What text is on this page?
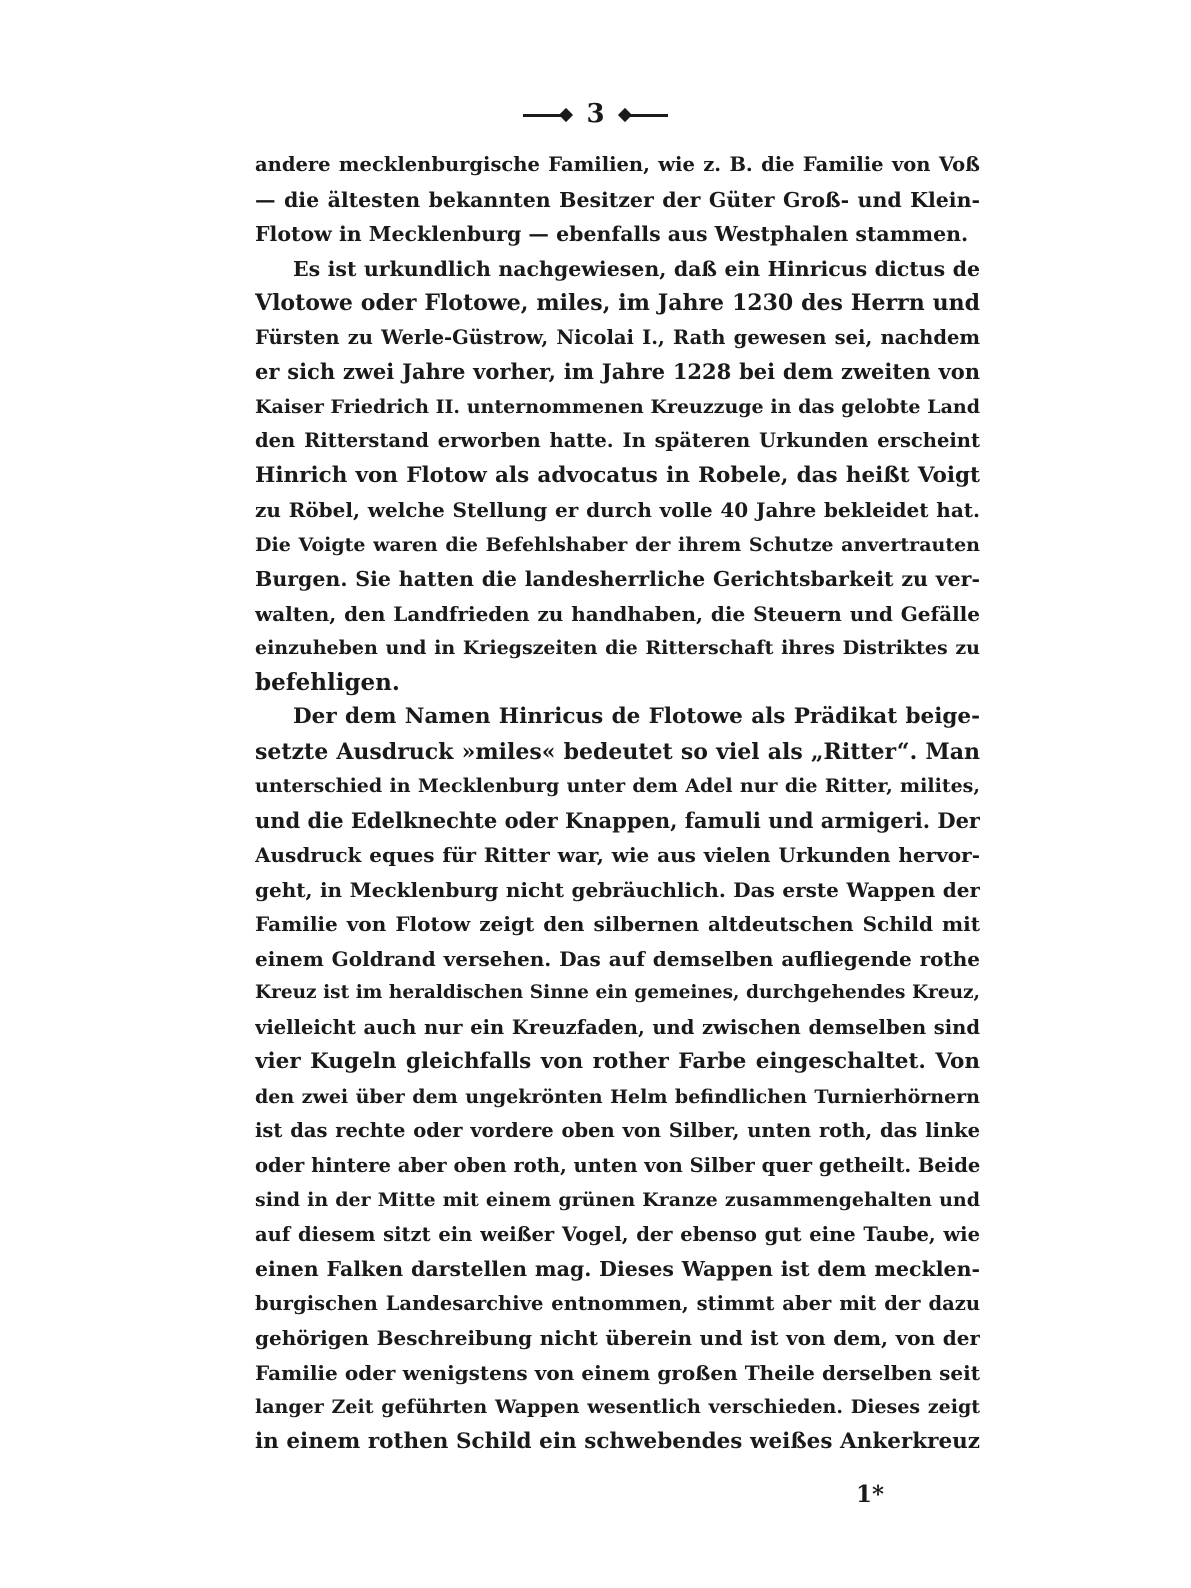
3
andere mecklenburgische Familien, wie z. B. die Familie von Voß
— die ältesten bekannten Besitzer der Güter Groß- und Klein-
Flotow in Mecklenburg — ebenfalls aus Westphalen stammen.
Es ist urkundlich nachgewiesen, daß ein Hinricus dictus de
Vlotowe oder Flotowe, miles, im Jahre 1230 des Herrn und
Fürsten zu Werle-Güstrow, Nicolai I., Rath gewesen sei, nachdem
er sich zwei Jahre vorher, im Jahre 1228 bei dem zweiten von
Kaiser Friedrich II. unternommenen Kreuzzuge in das gelobte Land
den Ritterstand erworben hatte. In späteren Urkunden erscheint
Hinrich von Flotow als advocatus in Robele, das heißt Voigt
zu Röbel, welche Stellung er durch volle 40 Jahre bekleidet hat.
Die Voigte waren die Befehlshaber der ihrem Schutze anvertrauten
Burgen. Sie hatten die landesherrliche Gerichtsbarkeit zu ver-
walten, den Landfrieden zu handhaben, die Steuern und Gefälle
einzuheben und in Kriegszeiten die Ritterschaft ihres Distriktes zu
befehligen.
Der dem Namen Hinricus de Flotowe als Prädikat beige-
setzte Ausdruck »miles« bedeutet so viel als „Ritter“. Man
unterschied in Mecklenburg unter dem Adel nur die Ritter, milites,
und die Edelknechte oder Knappen, famuli und armigeri. Der
Ausdruck eques für Ritter war, wie aus vielen Urkunden hervor-
geht, in Mecklenburg nicht gebräuchlich. Das erste Wappen der
Familie von Flotow zeigt den silbernen altdeutschen Schild mit
einem Goldrand versehen. Das auf demselben aufliegende rothe
Kreuz ist im heraldischen Sinne ein gemeines, durchgehendes Kreuz,
vielleicht auch nur ein Kreuzfaden, und zwischen demselben sind
vier Kugeln gleichfalls von rother Farbe eingeschaltet. Von
den zwei über dem ungekrönten Helm befindlichen Turnierhörnern
ist das rechte oder vordere oben von Silber, unten roth, das linke
oder hintere aber oben roth, unten von Silber quer getheilt. Beide
sind in der Mitte mit einem grünen Kranze zusammengehalten und
auf diesem sitzt ein weißer Vogel, der ebenso gut eine Taube, wie
einen Falken darstellen mag. Dieses Wappen ist dem mecklen-
burgischen Landesarchive entnommen, stimmt aber mit der dazu
gehörigen Beschreibung nicht überein und ist von dem, von der
Familie oder wenigstens von einem großen Theile derselben seit
langer Zeit geführten Wappen wesentlich verschieden. Dieses zeigt
in einem rothen Schild ein schwebendes weißes Ankerkreuz
1*
